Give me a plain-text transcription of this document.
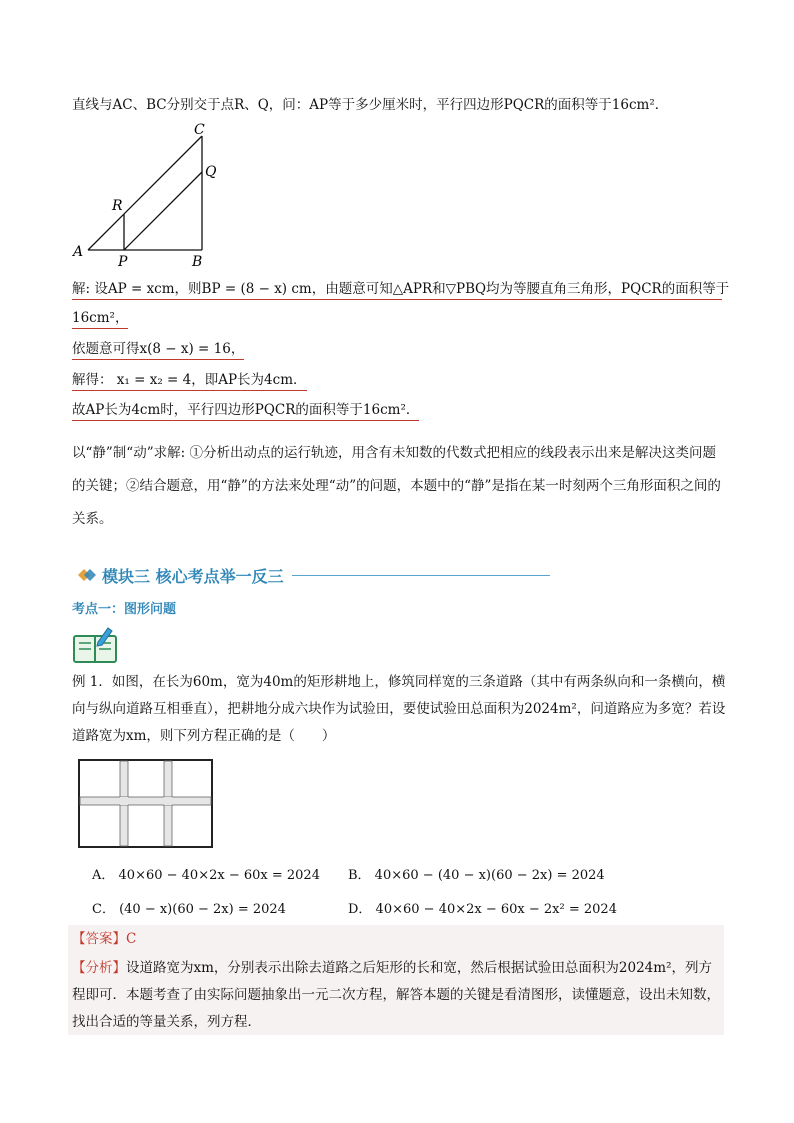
直线与AC、BC分别交于点R、Q，问：AP等于多少厘米时，平行四边形PQCR的面积等于16cm²．
A
P	B
C
Q
R
解: 设AP = xcm，则BP = (8 − x) cm，由题意可知△APR和▽PBQ均为等腰直角三角形，PQCR的面积等于
16cm²，
依题意可得x(8 − x) = 16，
解得： x₁ = x₂ = 4，即AP长为4cm．
故AP长为4cm时，平行四边形PQCR的面积等于16cm²．
以“静”制“动”求解: ①分析出动点的运行轨迹，用含有未知数的代数式把相应的线段表示出来是解决这类问题的关键；②结合题意，用“静”的方法来处理“动”的问题，本题中的“静”是指在某一时刻两个三角形面积之间的关系。
模块三 核心考点举一反三
考点一：图形问题
例 1．如图，在长为60m，宽为40m的矩形耕地上，修筑同样宽的三条道路（其中有两条纵向和一条横向，横向与纵向道路互相垂直），把耕地分成六块作为试验田，要使试验田总面积为2024m²，问道路应为多宽？若设道路宽为xm，则下列方程正确的是（　　）
A． 40×60 − 40×2x − 60x = 2024 B． 40×60 − (40 − x)(60 − 2x) = 2024
C． (40 − x)(60 − 2x) = 2024	D． 40×60 − 40×2x − 60x − 2x² = 2024
【答案】C
【分析】设道路宽为xm，分别表示出除去道路之后矩形的长和宽，然后根据试验田总面积为2024m²，列方程即可．本题考查了由实际问题抽象出一元二次方程，解答本题的关键是看清图形，读懂题意，设出未知数，找出合适的等量关系，列方程．
